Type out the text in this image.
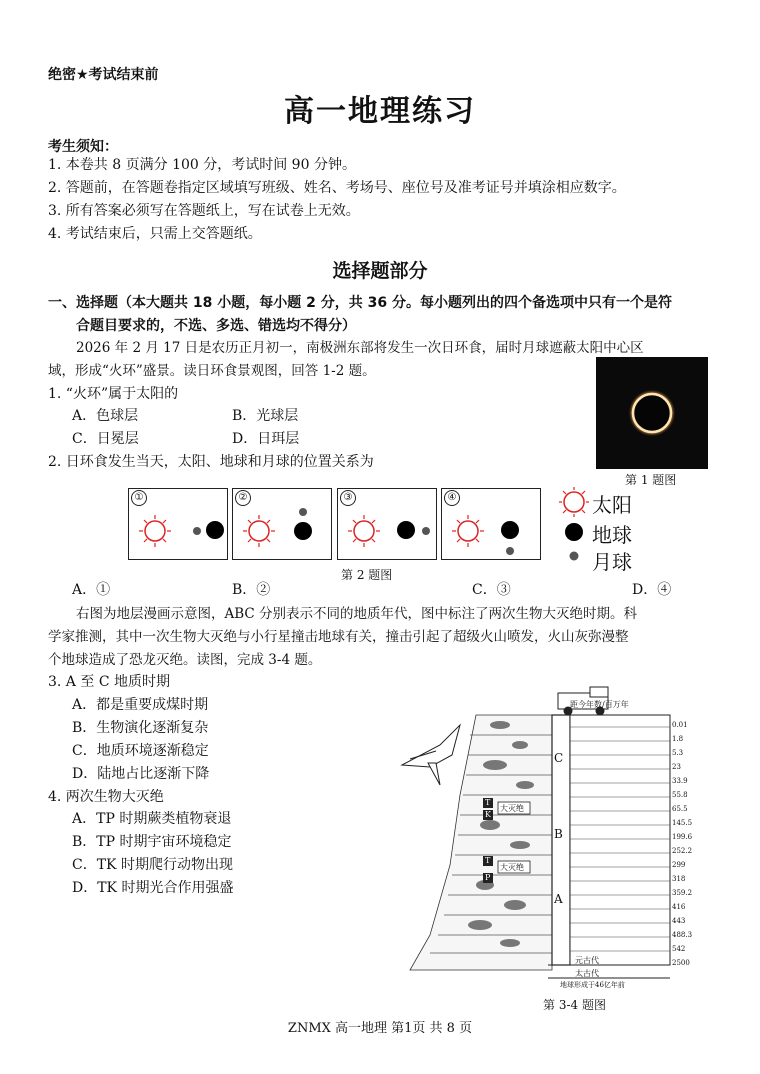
绝密★考试结束前
高一地理练习
考生须知：
1. 本卷共 8 页满分 100 分，考试时间 90 分钟。
2. 答题前，在答题卷指定区域填写班级、姓名、考场号、座位号及准考证号并填涂相应数字。
3. 所有答案必须写在答题纸上，写在试卷上无效。
4. 考试结束后，只需上交答题纸。
选择题部分
一、选择题（本大题共 18 小题，每小题 2 分，共 36 分。每小题列出的四个备选项中只有一个是符
合题目要求的，不选、多选、错选均不得分）
2026 年 2 月 17 日是农历正月初一，南极洲东部将发生一次日环食，届时月球遮蔽太阳中心区
域，形成“火环”盛景。读日环食景观图，回答 1-2 题。
1. “火环”属于太阳的
A．色球层	B．光球层
C．日冕层	D．日珥层
第 1 题图
2. 日环食发生当天，太阳、地球和月球的位置关系为
①	②	③	④	太阳
地球
月球
第 2 题图
A．①	B．②	C．③	D．④
右图为地层漫画示意图，ABC 分别表示不同的地质年代，图中标注了两次生物大灭绝时期。科
学家推测，其中一次生物大灭绝与小行星撞击地球有关，撞击引起了超级火山喷发，火山灰弥漫整
个地球造成了恐龙灭绝。读图，完成 3-4 题。
3. A 至 C 地质时期
A．都是重要成煤时期
B．生物演化逐渐复杂
C．地质环境逐渐稳定
D．陆地占比逐渐下降
4. 两次生物大灭绝
A．TP 时期蕨类植物衰退
B．TP 时期宇宙环境稳定
C．TK 时期爬行动物出现
D．TK 时期光合作用强盛
距今年数/百万年
C
B
A
大灭绝
大灭绝
T
K
T
P
0.01
1.8
5.3
23
33.9
55.8
65.5
145.5
199.6
252.2
299
318
359.2
416
443
488.3
542
2500
元古代
太古代
地球形成于46亿年前
第 3-4 题图
ZNMX 高一地理 第1页 共 8 页
